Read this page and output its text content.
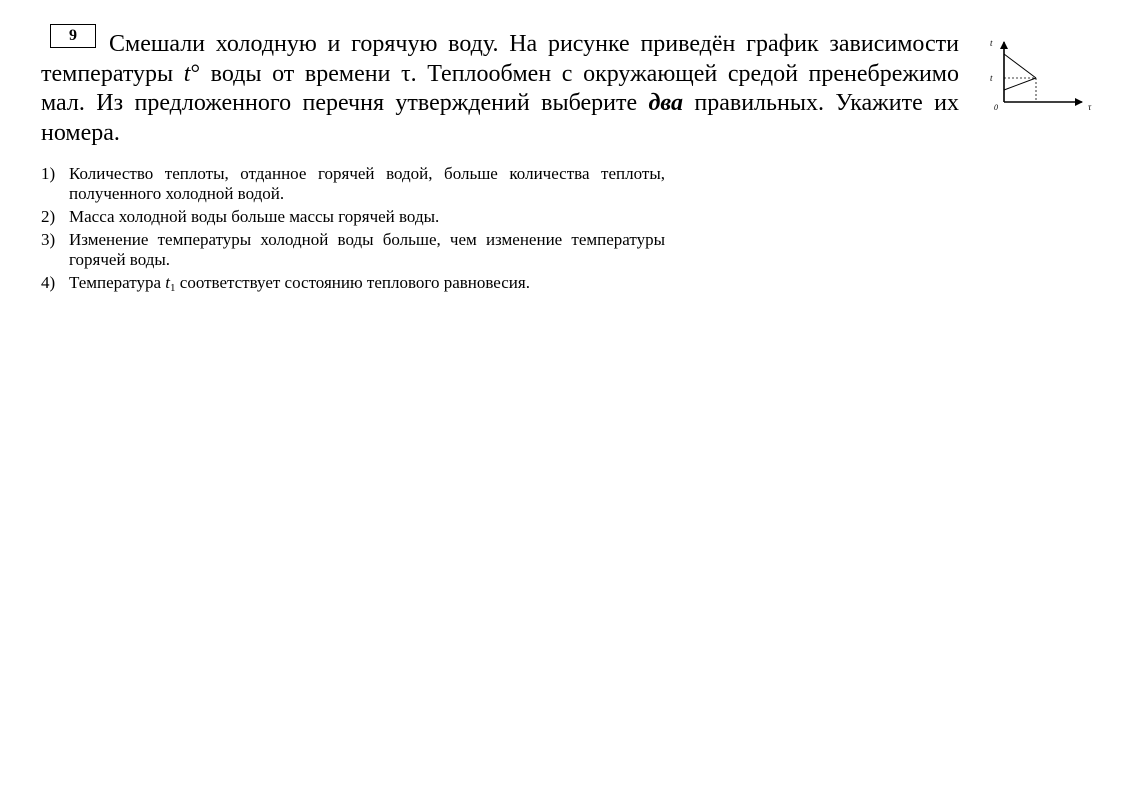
9	Смешали холодную и горячую воду. На рисунке приведён график зависимости температуры t° воды от времени τ. Теплообмен с окружающей средой пренебрежимо мал. Из предложенного перечня утверждений выберите два правильных. Укажите их номера.

1) Количество теплоты, отданное горячей водой, больше количества теплоты, полученного холодной водой.
2) Масса холодной воды больше массы горячей воды.
3) Изменение температуры холодной воды больше, чем изменение температуры горячей воды.
4) Температура $t_1$ соответствует состоянию теплового равновесия.
t
t
0	τ
